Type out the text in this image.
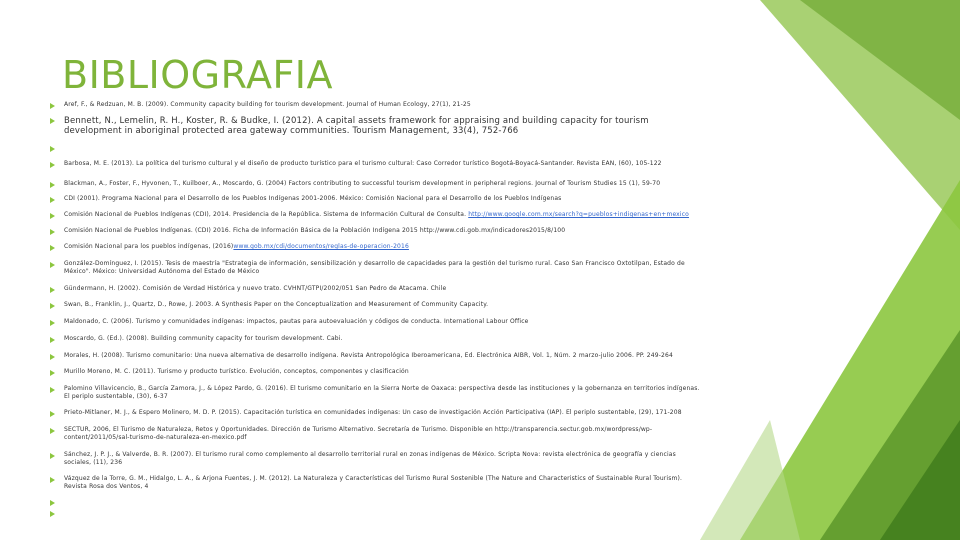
BIBLIOGRAFIA
Aref, F., & Redzuan, M. B. (2009). Community capacity building for tourism development. Journal of Human Ecology, 27(1), 21-25
Bennett, N., Lemelin, R. H., Koster, R. & Budke, I. (2012). A capital assets framework for appraising and building capacity for tourism development in aboriginal protected area gateway communities. Tourism Management, 33(4), 752-766
Barbosa, M. E. (2013). La política del turismo cultural y el diseño de producto turístico para el turismo cultural: Caso Corredor turístico Bogotá-Boyacá-Santander. Revista EAN, (60), 105-122
Blackman, A., Foster, F., Hyvonen, T., Kuilboer, A., Moscardo, G. (2004) Factors contributing to successful tourism development in peripheral regions. Journal of Tourism Studies 15 (1), 59-70
CDI (2001). Programa Nacional para el Desarrollo de los Pueblos Indígenas 2001-2006. México: Comisión Nacional para el Desarrollo de los Pueblos Indígenas
Comisión Nacional de Pueblos Indígenas (CDI), 2014. Presidencia de la República. Sistema de Información Cultural de Consulta. http://www.google.com.mx/search?q=pueblos+indigenas+en+mexico
Comisión Nacional de Pueblos Indígenas. (CDI) 2016. Ficha de Información Básica de la Población Indígena 2015 http://www.cdi.gob.mx/indicadores2015/8/100
Comisión Nacional para los pueblos indígenas, (2016)www.gob.mx/cdi/documentos/reglas-de-operacion-2016
González-Domínguez, I. (2015). Tesis de maestría "Estrategia de información, sensibilización y desarrollo de capacidades para la gestión del turismo rural. Caso San Francisco Oxtotilpan, Estado de México". México: Universidad Autónoma del Estado de México
Gündermann, H. (2002). Comisión de Verdad Histórica y nuevo trato. CVHNT/GTPI/2002/051 San Pedro de Atacama. Chile
Swan, B., Franklin, J., Quartz, D., Rowe, J. 2003. A Synthesis Paper on the Conceptualization and Measurement of Community Capacity.
Maldonado, C. (2006). Turismo y comunidades indígenas: impactos, pautas para autoevaluación y códigos de conducta. International Labour Office
Moscardo, G. (Ed.). (2008). Building community capacity for tourism development. Cabi.
Morales, H. (2008). Turismo comunitario: Una nueva alternativa de desarrollo indígena. Revista Antropológica Iberoamericana, Ed. Electrónica AIBR, Vol. 1, Núm. 2 marzo-julio 2006. PP. 249-264
Murillo Moreno, M. C. (2011). Turismo y producto turístico. Evolución, conceptos, componentes y clasificación
Palomino Villavicencio, B., García Zamora, J., & López Pardo, G. (2016). El turismo comunitario en la Sierra Norte de Oaxaca: perspectiva desde las instituciones y la gobernanza en territorios indígenas. El periplo sustentable, (30), 6-37
Prieto-Mitlaner, M. J., & Espero Molinero, M. D. P. (2015). Capacitación turística en comunidades indígenas: Un caso de investigación Acción Participativa (IAP). El periplo sustentable, (29), 171-208
SECTUR, 2006, El Turismo de Naturaleza, Retos y Oportunidades. Dirección de Turismo Alternativo. Secretaría de Turismo. Disponible en http://transparencia.sectur.gob.mx/wordpress/wp-content/2011/05/sal-turismo-de-naturaleza-en-mexico.pdf
Sánchez, J. P. J., & Valverde, B. R. (2007). El turismo rural como complemento al desarrollo territorial rural en zonas indígenas de México. Scripta Nova: revista electrónica de geografía y ciencias sociales, (11), 236
Vázquez de la Torre, G. M., Hidalgo, L. A., & Arjona Fuentes, J. M. (2012). La Naturaleza y Características del Turismo Rural Sostenible (The Nature and Characteristics of Sustainable Rural Tourism). Revista Rosa dos Ventos, 4
